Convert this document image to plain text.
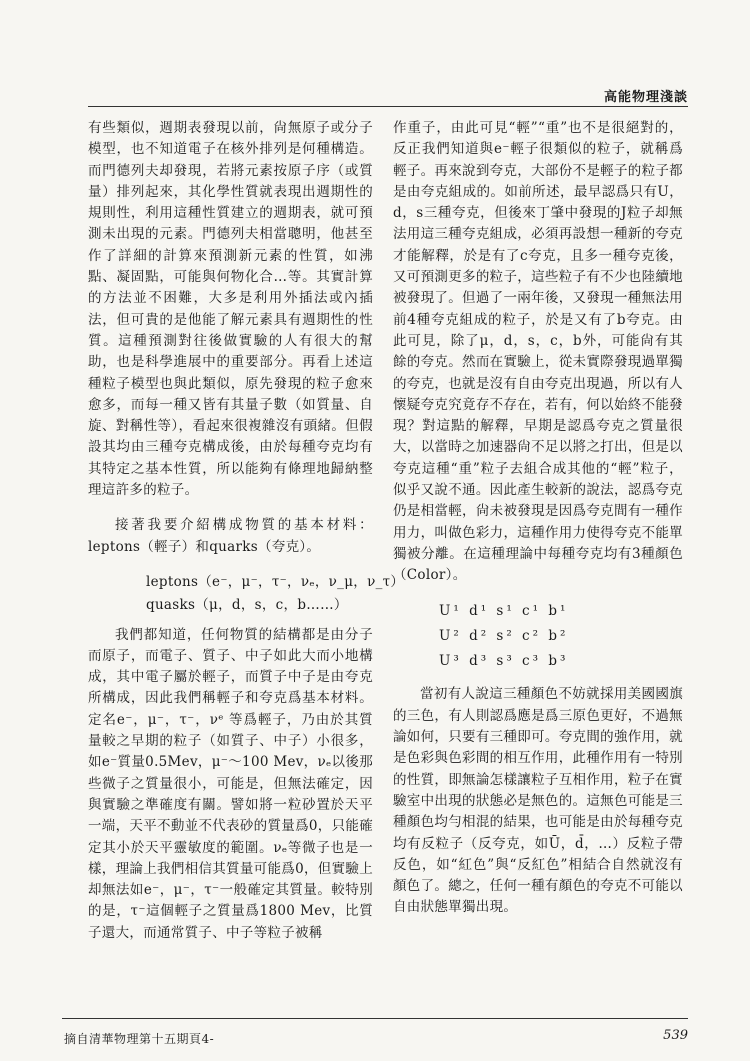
高能物理淺談

有些類似，週期表發現以前，尙無原子或分子模型，也不知道電子在核外排列是何種構造。而門德列夫却發現，若將元素按原子序（或質量）排列起來，其化學性質就表現出週期性的規則性，利用這種性質建立的週期表，就可預測未出現的元素。門德列夫相當聰明，他甚至作了詳細的計算來預測新元素的性質，如沸點、凝固點，可能與何物化合…等。其實計算的方法並不困難，大多是利用外插法或內插法，但可貴的是他能了解元素具有週期性的性質。這種預測對往後做實驗的人有很大的幫助，也是科學進展中的重要部分。再看上述這種粒子模型也與此類似，原先發現的粒子愈來愈多，而每一種又皆有其量子數（如質量、自旋、對稱性等），看起來很複雜沒有頭緒。但假設其均由三種夸克構成後，由於每種夸克均有其特定之基本性質，所以能夠有條理地歸納整理這許多的粒子。

接著我要介紹構成物質的基本材料：leptons（輕子）和quarks（夸克）。

leptons（e⁻，μ⁻，τ⁻，νₑ，ν_μ，ν_τ）
quasks（μ，d，s，c，b……）

我們都知道，任何物質的結構都是由分子而原子，而電子、質子、中子如此大而小地構成，其中電子屬於輕子，而質子中子是由夸克所構成，因此我們稱輕子和夸克爲基本材料。定名e⁻，μ⁻，τ⁻，νᵉ 等爲輕子，乃由於其質量較之早期的粒子（如質子、中子）小很多，如e⁻質量0.5Mev，μ⁻～100 Mev，νₑ以後那些微子之質量很小，可能是，但無法確定，因與實驗之準確度有關。譬如將一粒砂置於天平一端，天平不動並不代表砂的質量爲0，只能確定其小於天平靈敏度的範圍。νₑ等微子也是一樣，理論上我們相信其質量可能爲0，但實驗上却無法如e⁻，μ⁻，τ⁻一般確定其質量。較特別的是，τ⁻這個輕子之質量爲1800 Mev，比質子還大，而通常質子、中子等粒子被稱

作重子，由此可見“輕”“重”也不是很絕對的，反正我們知道與e⁻輕子很類似的粒子，就稱爲輕子。再來說到夸克，大部份不是輕子的粒子都是由夸克組成的。如前所述，最早認爲只有U，d，s三種夸克，但後來丁肇中發現的J粒子却無法用這三種夸克組成，必須再設想一種新的夸克才能解釋，於是有了c夸克，且多一種夸克後，又可預測更多的粒子，這些粒子有不少也陸續地被發現了。但過了一兩年後，又發現一種無法用前4種夸克組成的粒子，於是又有了b夸克。由此可見，除了μ，d，s，c，b外，可能尙有其餘的夸克。然而在實驗上，從未實際發現過單獨的夸克，也就是沒有自由夸克出現過，所以有人懷疑夸克究竟存不存在，若有，何以始終不能發現？對這點的解釋，早期是認爲夸克之質量很大，以當時之加速器尙不足以將之打出，但是以夸克這種“重”粒子去組合成其他的“輕”粒子，似乎又說不通。因此產生較新的說法，認爲夸克仍是相當輕，尙未被發現是因爲夸克間有一種作用力，叫做色彩力，這種作用力使得夸克不能單獨被分離。在這種理論中每種夸克均有3種顏色（Color）。

U¹ d¹ s¹ c¹ b¹
U² d² s² c² b²
U³ d³ s³ c³ b³

當初有人說這三種顏色不妨就採用美國國旗的三色，有人則認爲應是爲三原色更好，不過無論如何，只要有三種即可。夸克間的強作用，就是色彩與色彩間的相互作用，此種作用有一特別的性質，即無論怎樣讓粒子互相作用，粒子在實驗室中出現的狀態必是無色的。這無色可能是三種顏色均勻相混的結果，也可能是由於每種夸克均有反粒子（反夸克，如Ū，d̄，…）反粒子帶反色，如“紅色”與“反紅色”相結合自然就沒有顏色了。總之，任何一種有顏色的夸克不可能以自由狀態單獨出現。

摘自清華物理第十五期頁4-	539
